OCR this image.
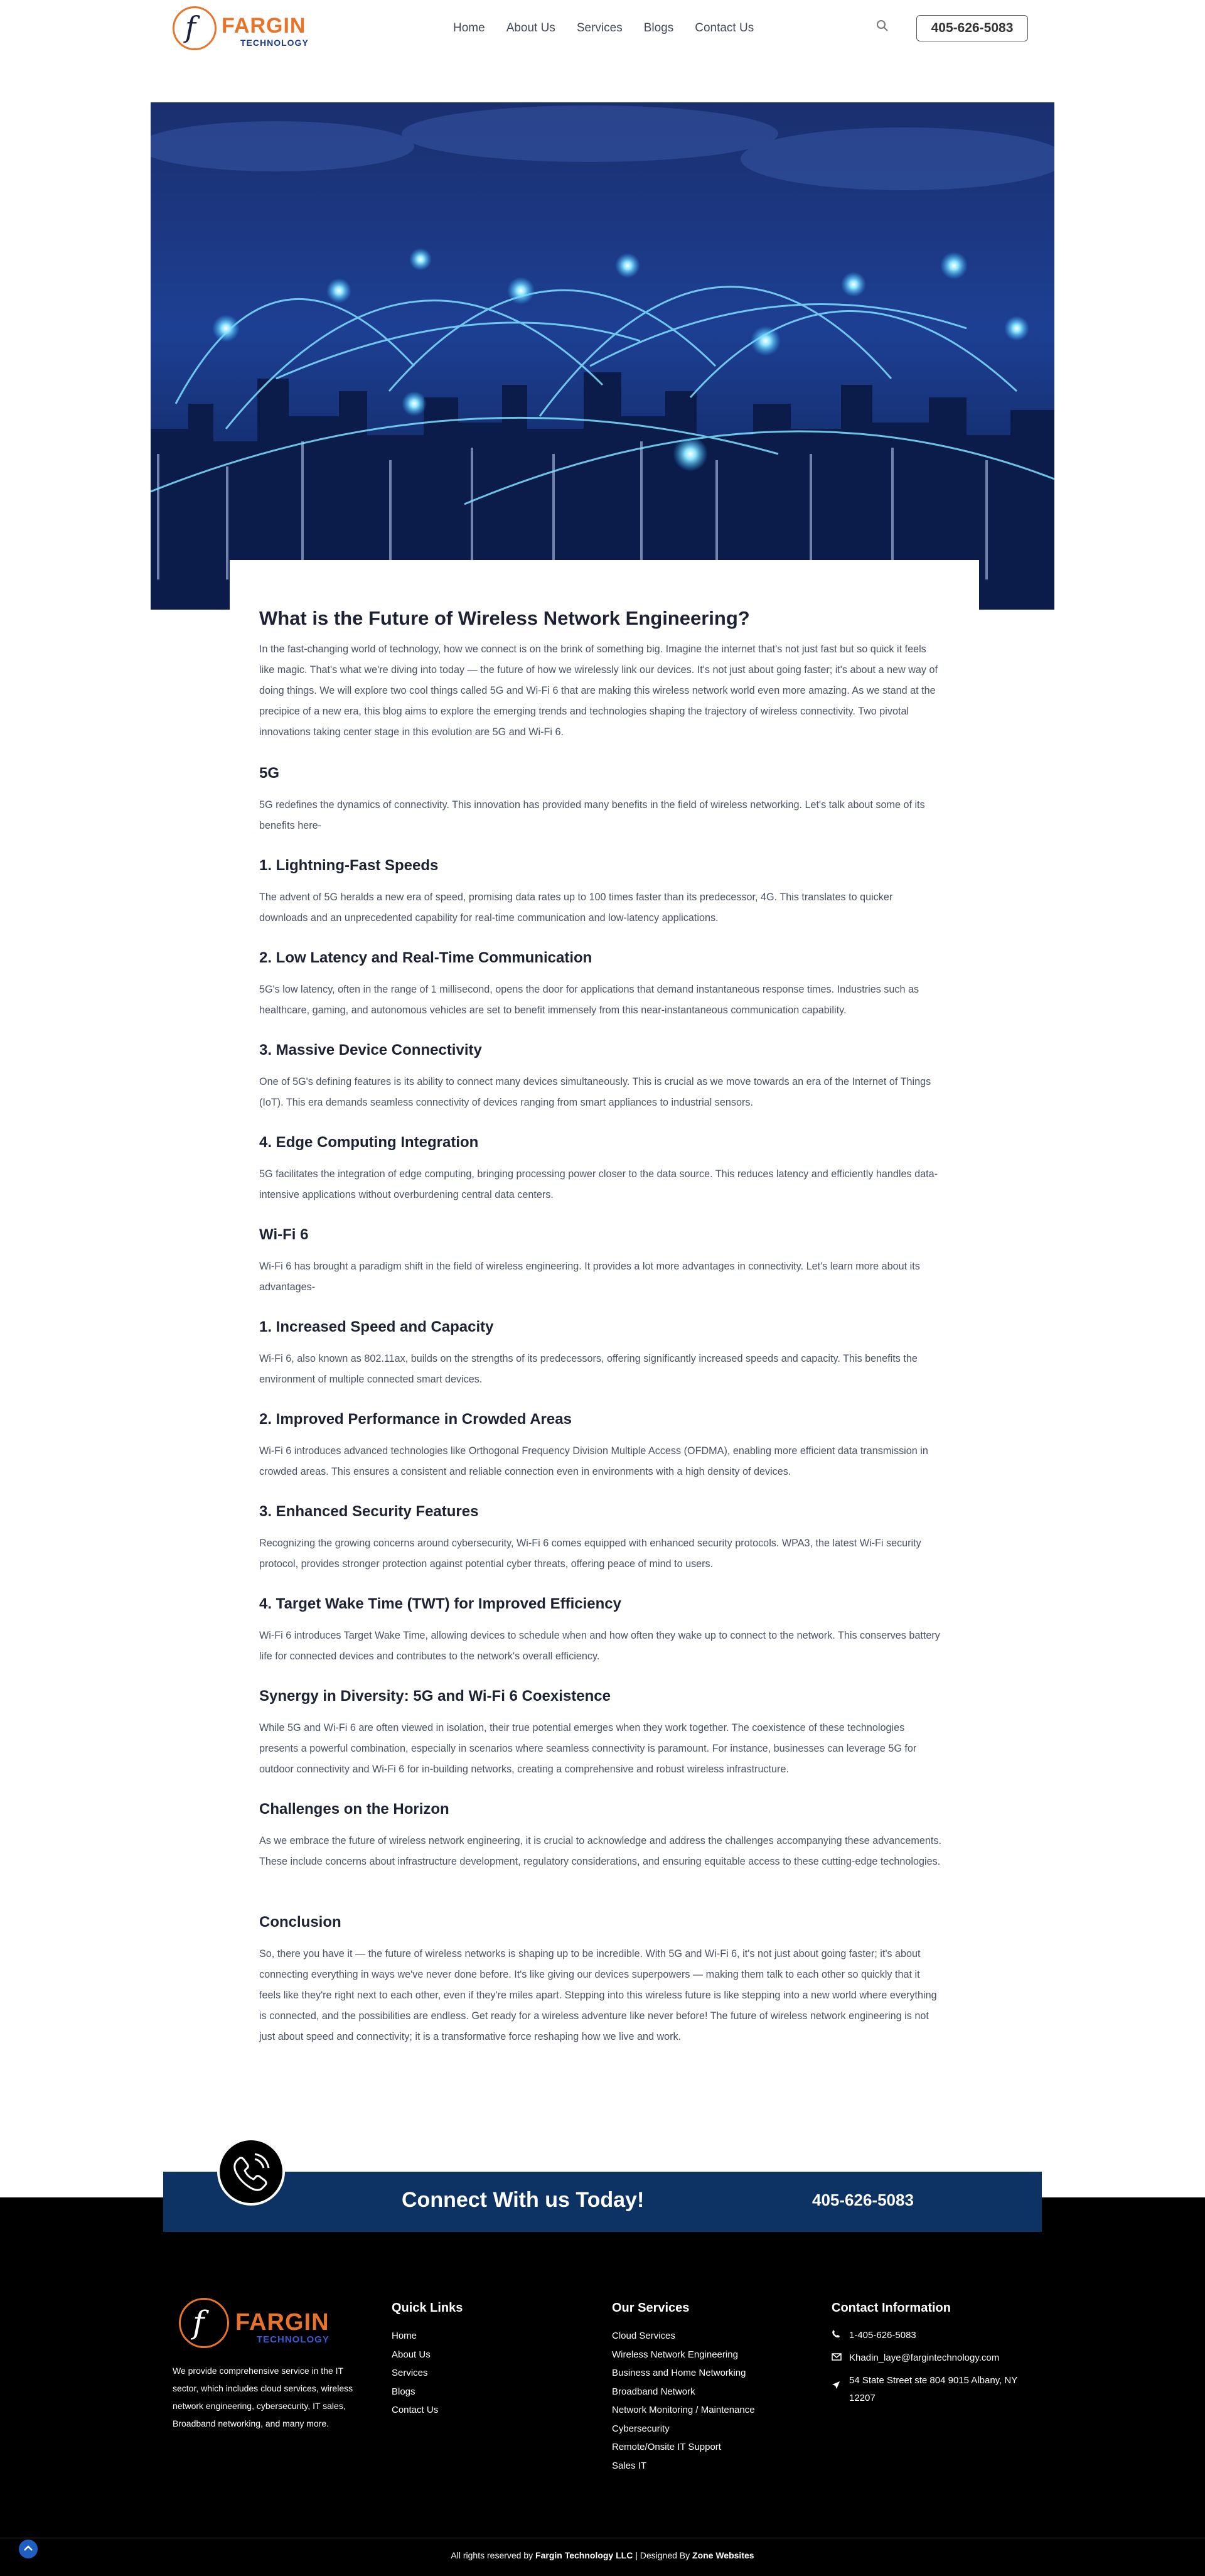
f FARGIN
TECHNOLOGY
Home About Us Services Blogs Contact Us	405-626-5083
What is the Future of Wireless Network Engineering?

In the fast-changing world of technology, how we connect is on the brink of something big. Imagine the internet that's not just fast but so quick it feels like magic. That's what we're diving into today — the future of how we wirelessly link our devices. It's not just about going faster; it's about a new way of doing things. We will explore two cool things called 5G and Wi-Fi 6 that are making this wireless network world even more amazing. As we stand at the precipice of a new era, this blog aims to explore the emerging trends and technologies shaping the trajectory of wireless connectivity. Two pivotal innovations taking center stage in this evolution are 5G and Wi-Fi 6.

5G

5G redefines the dynamics of connectivity. This innovation has provided many benefits in the field of wireless networking. Let's talk about some of its benefits here-

1. Lightning-Fast Speeds

The advent of 5G heralds a new era of speed, promising data rates up to 100 times faster than its predecessor, 4G. This translates to quicker downloads and an unprecedented capability for real-time communication and low-latency applications.

2. Low Latency and Real-Time Communication

5G's low latency, often in the range of 1 millisecond, opens the door for applications that demand instantaneous response times. Industries such as healthcare, gaming, and autonomous vehicles are set to benefit immensely from this near-instantaneous communication capability.

3. Massive Device Connectivity

One of 5G's defining features is its ability to connect many devices simultaneously. This is crucial as we move towards an era of the Internet of Things (IoT). This era demands seamless connectivity of devices ranging from smart appliances to industrial sensors.

4. Edge Computing Integration

5G facilitates the integration of edge computing, bringing processing power closer to the data source. This reduces latency and efficiently handles data-intensive applications without overburdening central data centers.

Wi-Fi 6

Wi-Fi 6 has brought a paradigm shift in the field of wireless engineering. It provides a lot more advantages in connectivity. Let's learn more about its advantages-

1. Increased Speed and Capacity

Wi-Fi 6, also known as 802.11ax, builds on the strengths of its predecessors, offering significantly increased speeds and capacity. This benefits the environment of multiple connected smart devices.

2. Improved Performance in Crowded Areas

Wi-Fi 6 introduces advanced technologies like Orthogonal Frequency Division Multiple Access (OFDMA), enabling more efficient data transmission in crowded areas. This ensures a consistent and reliable connection even in environments with a high density of devices.

3. Enhanced Security Features

Recognizing the growing concerns around cybersecurity, Wi-Fi 6 comes equipped with enhanced security protocols. WPA3, the latest Wi-Fi security protocol, provides stronger protection against potential cyber threats, offering peace of mind to users.

4. Target Wake Time (TWT) for Improved Efficiency

Wi-Fi 6 introduces Target Wake Time, allowing devices to schedule when and how often they wake up to connect to the network. This conserves battery life for connected devices and contributes to the network's overall efficiency.

Synergy in Diversity: 5G and Wi-Fi 6 Coexistence

While 5G and Wi-Fi 6 are often viewed in isolation, their true potential emerges when they work together. The coexistence of these technologies presents a powerful combination, especially in scenarios where seamless connectivity is paramount. For instance, businesses can leverage 5G for outdoor connectivity and Wi-Fi 6 for in-building networks, creating a comprehensive and robust wireless infrastructure.

Challenges on the Horizon

As we embrace the future of wireless network engineering, it is crucial to acknowledge and address the challenges accompanying these advancements. These include concerns about infrastructure development, regulatory considerations, and ensuring equitable access to these cutting-edge technologies.

Conclusion

So, there you have it — the future of wireless networks is shaping up to be incredible. With 5G and Wi-Fi 6, it's not just about going faster; it's about connecting everything in ways we've never done before. It's like giving our devices superpowers — making them talk to each other so quickly that it feels like they're right next to each other, even if they're miles apart. Stepping into this wireless future is like stepping into a new world where everything is connected, and the possibilities are endless. Get ready for a wireless adventure like never before! The future of wireless network engineering is not just about speed and connectivity; it is a transformative force reshaping how we live and work.

Connect With us Today!	405-626-5083
f FARGIN
TECHNOLOGY
We provide comprehensive service in the IT sector, which includes cloud services, wireless network engineering, cybersecurity, IT sales, Broadband networking, and many more.
Quick Links
Home
About Us
Services
Blogs
Contact Us
Our Services
Cloud Services
Wireless Network Engineering
Business and Home Networking
Broadband Network
Network Monitoring / Maintenance
Cybersecurity
Remote/Onsite IT Support
Sales IT
Contact Information
1-405-626-5083
Khadin_laye@fargintechnology.com
54 State Street ste 804 9015 Albany, NY 12207
All rights reserved by Fargin Technology LLC | Designed By Zone Websites
